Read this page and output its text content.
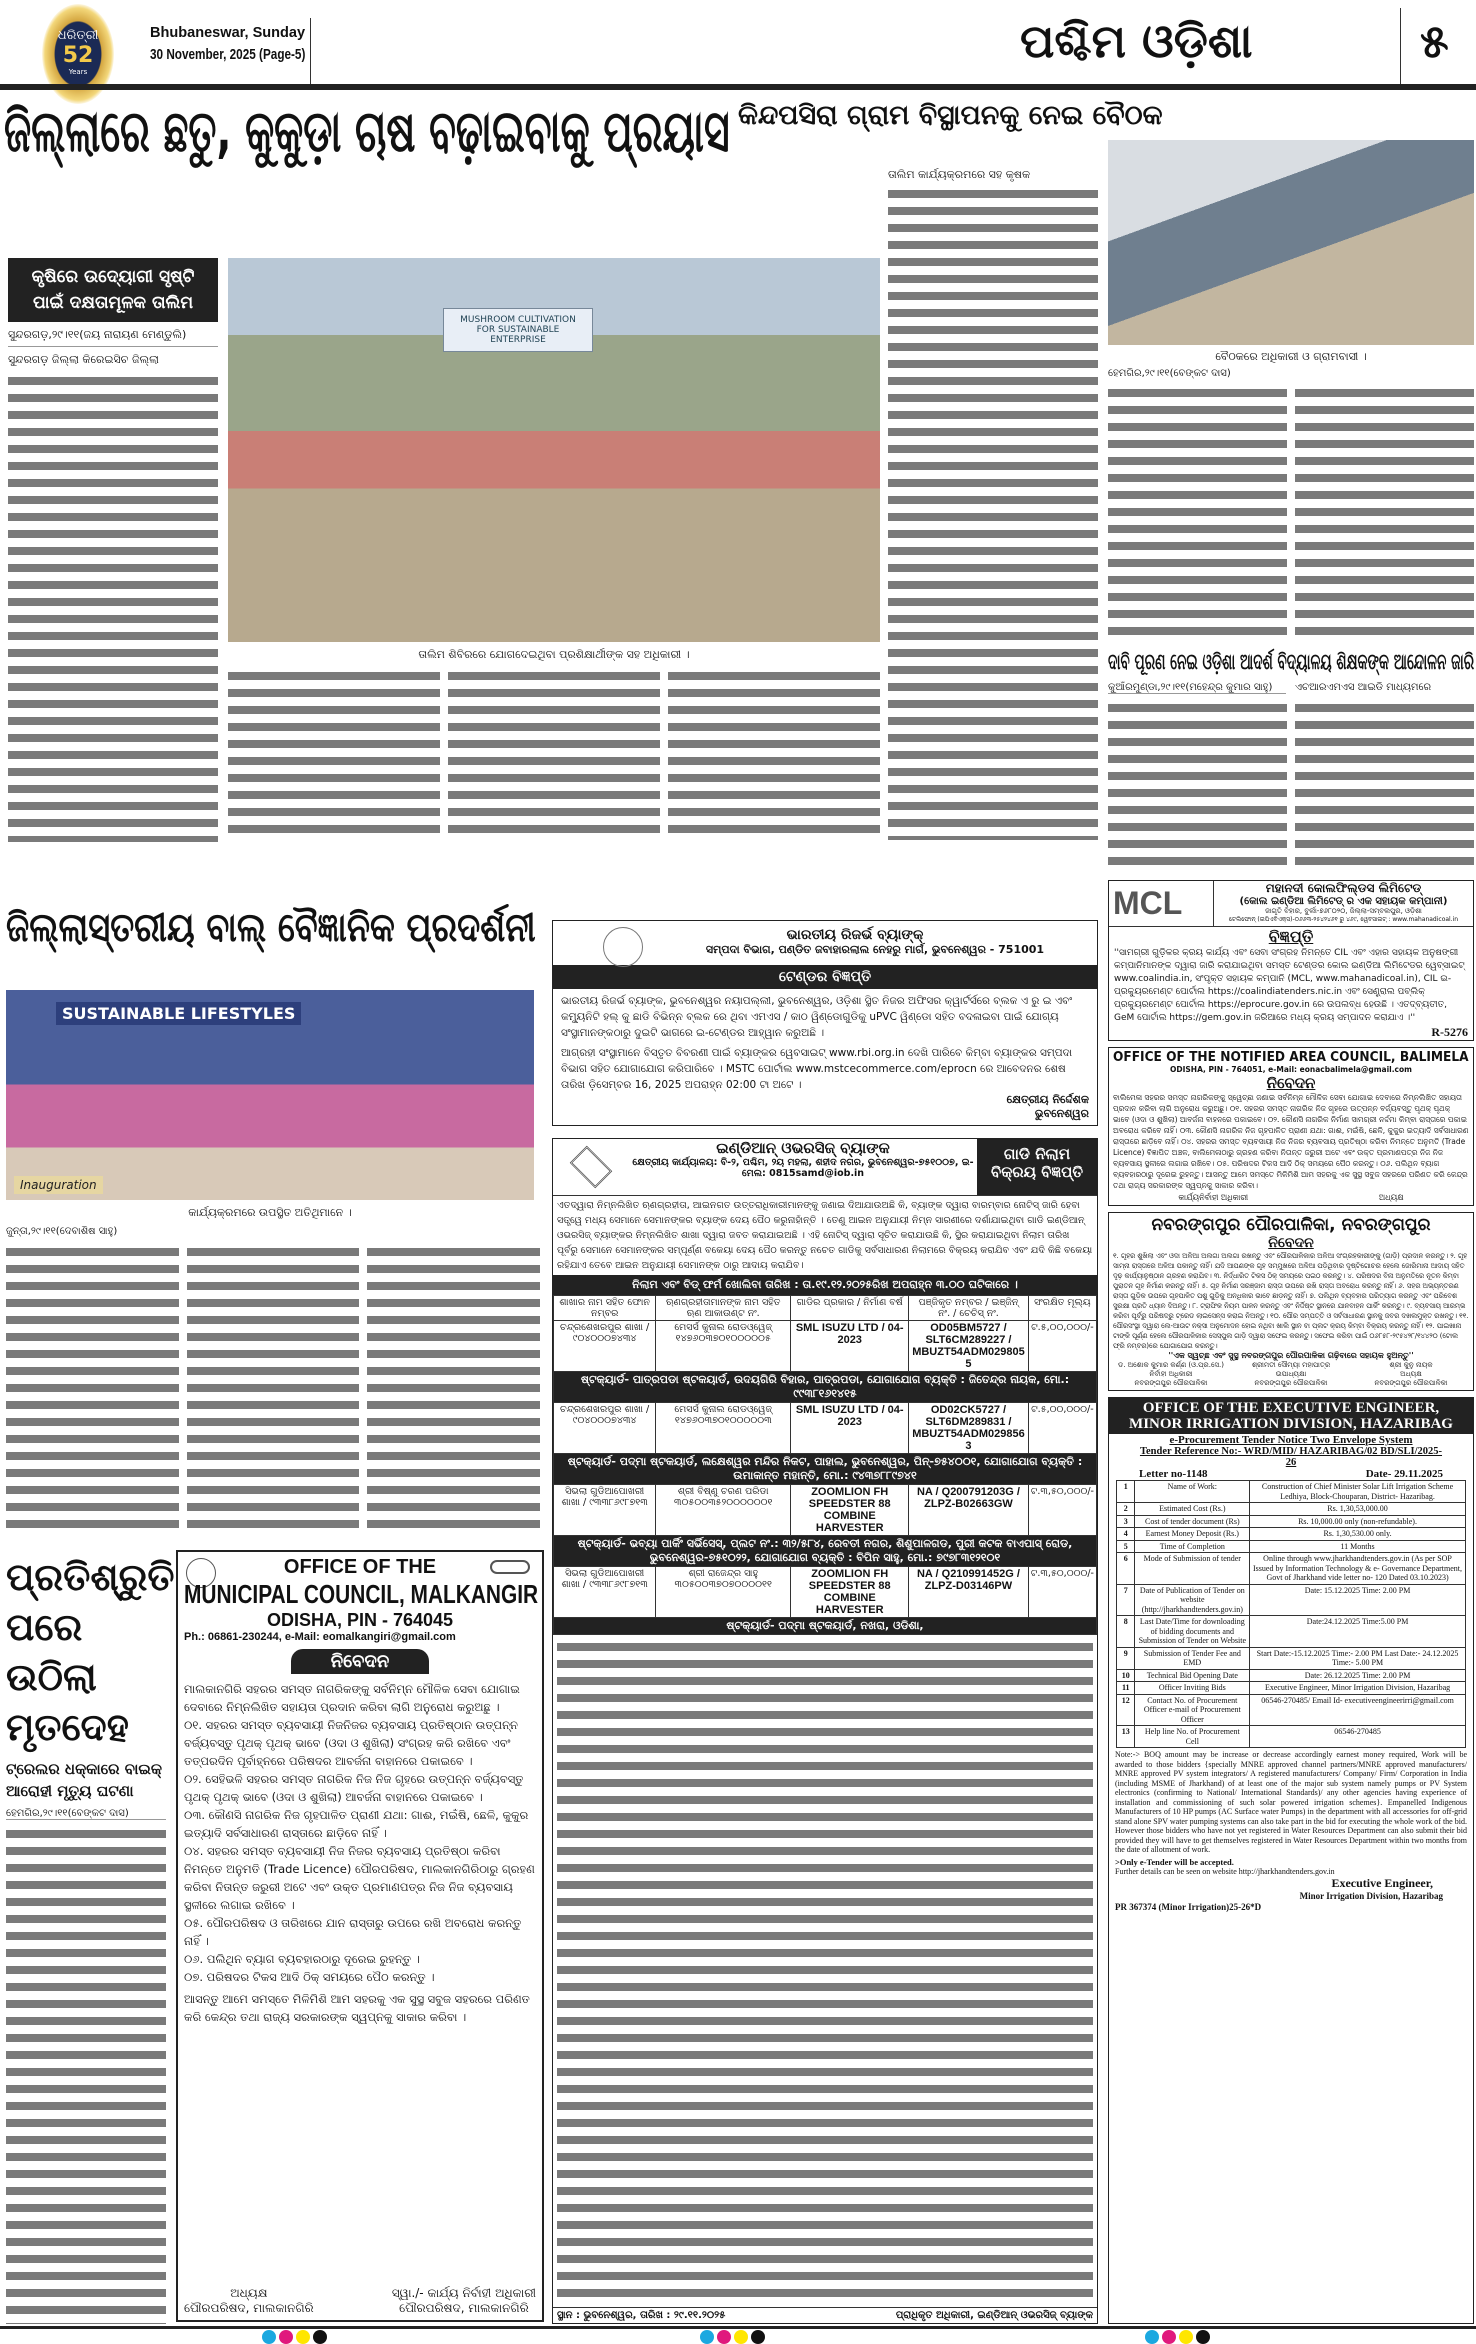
ଧରିତ୍ରୀ
52
Years
Bhubaneswar, Sunday
30 November, 2025 (Page-5)	ପଶ୍ଚିମ ଓଡ଼ିଶା	୫
ଜିଲ୍ଲାରେ ଛତୁ, କୁକୁଡ଼ା ଚାଷ ବଢ଼ାଇବାକୁ ପ୍ରୟାସ
କୃଷିରେ ଉଦ୍ୟୋଗୀ ସୃଷ୍ଟି ପାଇଁ ଦକ୍ଷତାମୂଳକ ତାଲିମ
ସୁନ୍ଦରଗଡ଼,୨୯।୧୧(ଜୟ ନାରାୟଣ ମେଣ୍ଡୁଲି)
ସୁନ୍ଦରଗଡ଼ ଜିଲ୍ଲା କିରେଇସିଚ ଜିଲ୍ଲା
MUSHROOM CULTIVATION FOR SUSTAINABLE ENTERPRISE
ତାଲିମ ଶିବିରରେ ଯୋଗଦେଇଥିବା ପ୍ରଶିକ୍ଷାର୍ଥୀଙ୍କ ସହ ଅଧିକାରୀ ।
ତାଲିମ କାର୍ଯ୍ୟକ୍ରମରେ ସହ କୃଷକ
କିନ୍ଦପସିରା ଗ୍ରାମ ବିସ୍ଥାପନକୁ ନେଇ ବୈଠକ
ବୈଠକରେ ଅଧିକାରୀ ଓ ଗ୍ରାମବାସୀ ।
ହେମଗିର,୨୯।୧୧(ବେଙ୍କଟ ଦାସ)
ଦାବି ପୂରଣ ନେଇ ଓଡ଼ିଶା ଆଦର୍ଶ ବିଦ୍ୟାଳୟ ଶିକ୍ଷକଙ୍କ ଆନ୍ଦୋଳନ ଜାରି
କୁଆଁରମୁଣ୍ଡା,୨୯।୧୧(ମହେନ୍ଦ୍ର କୁମାର ସାହୁ)	ଏଚଆରଏମଏସ ଆଇଡି ମାଧ୍ୟମରେ
ଜିଲ୍ଲାସ୍ତରୀୟ ବାଲ୍ ବୈଜ୍ଞାନିକ ପ୍ରଦର୍ଶନୀ
SUSTAINABLE LIFESTYLES
Inauguration
କାର୍ଯ୍ୟକ୍ରମରେ ଉପସ୍ଥିତ ଅତିଥିମାନେ ।
ଜୁନ୍ତା,୨୯।୧୧(ଦେବାଶିଷ ସାହୁ)
ପ୍ରତିଶ୍ରୁତି ପରେ ଉଠିଲା ମୃତଦେହ
ଟ୍ରେଲର ଧକ୍କାରେ ବାଇକ୍ ଆରୋହୀ ମୃତ୍ୟୁ ଘଟଣା
ହେମଗିର,୨୯।୧୧(ବେଙ୍କଟ ଦାସ)
OFFICE OF THE
MUNICIPAL COUNCIL, MALKANGIR
ODISHA, PIN - 764045
Ph.: 06861-230244, e-Mail: eomalkangiri@gmail.com
ନିବେଦନ
ମାଲକାନଗିରି ସହରର ସମସ୍ତ ନାଗରିକଙ୍କୁ ସର୍ବନିମ୍ନ ମୌଳିକ ସେବା ଯୋଗାଇ ଦେବାରେ ନିମ୍ନଲିଖିତ ସହାୟତା ପ୍ରଦାନ କରିବା ଲାଗି ଅନୁରୋଧ କରୁଅଛୁ ।
୦୧. ସହରର ସମସ୍ତ ବ୍ୟବସାୟୀ ନିଜନିଜର ବ୍ୟବସାୟ ପ୍ରତିଷ୍ଠାନ ଉତ୍ପନ୍ନ ବର୍ଜ୍ୟବସ୍ତୁ ପୃଥକ୍ ପୃଥକ୍ ଭାବେ (ଓଦା ଓ ଶୁଖିଲା) ସଂଗ୍ରହ କରି ରଖିବେ ଏବଂ ତତ୍‌ପରଦିନ ପୂର୍ବାହ୍ନରେ ପରିଷଦର ଆବର୍ଜନା ବାହାନରେ ପକାଇବେ ।
୦୨. ସେହିଭଳି ସହରର ସମସ୍ତ ନାଗରିକ ନିଜ ନିଜ ଗୃହରେ ଉତ୍ପନ୍ନ ବର୍ଜ୍ୟବସ୍ତୁ ପୃଥକ୍ ପୃଥକ୍ ଭାବେ (ଓଦା ଓ ଶୁଖିଲା) ଆବର୍ଜନା ବାହାନରେ ପକାଇବେ ।
୦୩. କୌଣସି ନାଗରିକ ନିଜ ଗୃହପାଳିତ ପ୍ରାଣୀ ଯଥା: ଗାଈ, ମଇଁଷି, ଛେଳି, କୁକୁର ଇତ୍ୟାଦି ସର୍ବସାଧାରଣ ରାସ୍ତାରେ ଛାଡ଼ିବେ ନାହିଁ ।
୦୪. ସହରର ସମସ୍ତ ବ୍ୟବସାୟୀ ନିଜ ନିଜର ବ୍ୟବସାୟ ପ୍ରତିଷ୍ଠା କରିବା ନିମନ୍ତେ ଅନୁମତି (Trade Licence) ପୌରପରିଷଦ, ମାଲକାନଗିରିଠାରୁ ଗ୍ରହଣ କରିବା ନିତାନ୍ତ ଜରୁରୀ ଅଟେ ଏବଂ ଉକ୍ତ ପ୍ରମାଣପତ୍ର ନିଜ ନିଜ ବ୍ୟବସାୟ ସ୍ଥଳୀରେ ଲଗାଇ ରଖିବେ ।
୦୫. ପୌରପରିଷଦ ଓ ତାରିଖରେ ଯାନ ରାସ୍ତାରୁ ଉପରେ ରଖି ଅବରୋଧ କରନ୍ତୁ ନାହିଁ ।
୦୬. ପଲିଥିନ ବ୍ୟାଗ ବ୍ୟବହାରଠାରୁ ଦୂରେଇ ରୁହନ୍ତୁ ।
୦୭. ପରିଷଦର ଟିକସ ଆଦି ଠିକ୍ ସମୟରେ ପୈଠ କରନ୍ତୁ ।
ଆସନ୍ତୁ ଆମେ ସମସ୍ତେ ମିଳିମିଶି ଆମ ସହରକୁ ଏକ ସୁସ୍ଥ ସବୁଜ ସହରରେ ପରିଣତ କରି କେନ୍ଦ୍ର ତଥା ରାଜ୍ୟ ସରକାରଙ୍କ ସ୍ୱପ୍ନକୁ ସାକାର କରିବା ।
ଅଧ୍ୟକ୍ଷ
ପୌରପରିଷଦ, ମାଲକାନଗିରି
ସ୍ୱା./- କାର୍ଯ୍ୟ ନିର୍ବାହୀ ଅଧିକାରୀ
ପୌରପରିଷଦ, ମାଲକାନଗିରି
ଭାରତୀୟ ରିଜର୍ଭ ବ୍ୟାଙ୍କ୍
ସମ୍ପଦା ବିଭାଗ, ପଣ୍ଡିତ ଜବାହାରଲାଲ ନେହରୁ ମାର୍ଗ, ଭୁବନେଶ୍ୱର - 751001
ଟେଣ୍ଡର ବିଜ୍ଞପ୍ତି
ଭାରତୀୟ ରିଜର୍ଭ ବ୍ୟାଙ୍କ, ଭୁବନେଶ୍ୱର ନୟାପଲ୍ଲୀ, ଭୁବନେଶ୍ୱର, ଓଡ଼ିଶା ସ୍ଥିତ ନିଜର ଅଫିସର କ୍ୱାର୍ଟର୍ସରେ ବ୍ଲକ ଏ ରୁ ଇ ଏବଂ କମ୍ୟୁନିଟି ହଲ୍ କୁ ଛାଡି ବିଭିନ୍ନ ବ୍ଲକ ରେ ଥିବା ଏମଏସ / କାଠ ୱିଣ୍ଡୋଗୁଡିକୁ uPVC ୱିଣ୍ଡୋ ସହିତ ବଦଳାଇବା ପାଇଁ ଯୋଗ୍ୟ ସଂସ୍ଥାମାନଙ୍କଠାରୁ ଦୁଇଟି ଭାଗରେ ଇ-ଟେଣ୍ଡର ଆହ୍ୱାନ କରୁଅଛି ।
ଆଗ୍ରହୀ ସଂସ୍ଥାମାନେ ବିସ୍ତୃତ ବିବରଣୀ ପାଇଁ ବ୍ୟାଙ୍କର ୱେବସାଇଟ୍ www.rbi.org.in ଦେଖି ପାରିବେ କିମ୍ବା ବ୍ୟାଙ୍କର ସମ୍ପଦା ବିଭାଗ ସହିତ ଯୋଗାଯୋଗ କରିପାରିବେ । MSTC ପୋର୍ଟାଲ www.mstcecommerce.com/eprocn ରେ ଆବେଦନର ଶେଷ ତାରିଖ ଡ଼ିସେମ୍ବର 16, 2025 ଅପରାହ୍ନ 02:00 ଟା ଅଟେ ।
କ୍ଷେତ୍ରୀୟ ନିର୍ଦ୍ଦେଶକ
ଭୁବନେଶ୍ୱର
ଇଣ୍ଡିଆନ୍ ଓଭରସିଜ୍ ବ୍ୟାଙ୍କ
କ୍ଷେତ୍ରୀୟ କାର୍ଯ୍ୟାଳୟ: ବି-୨, ପଶ୍ଚିମ, ୨ୟ ମହଲା, ଶହୀଦ ନଗର, ଭୁବନେଶ୍ୱର-୭୫୧୦୦୭, ଇ-ମେଲ: 0815samd@iob.in
ଗାଡି ନିଲାମ ବିକ୍ରୟ ବିଜ୍ଞପ୍ତି
ଏତଦ୍ୱାରା ନିମ୍ନଲିଖିତ ଋଣଗ୍ରହୀତା, ଆଇନଗତ ଉତ୍ତରାଧିକାରୀମାନଙ୍କୁ ଜଣାଇ ଦିଆଯାଉଅଛି କି, ବ୍ୟାଙ୍କ ଦ୍ୱାରା ବାରମ୍ବାର ନୋଟିସ୍ ଜାରି ହେବା ସତ୍ତ୍ୱେ ମଧ୍ୟ ସେମାନେ ସେମାନଙ୍କର ବ୍ୟାଙ୍କ ଦେୟ ପୈଠ କରୁନାହାଁନ୍ତି । ତେଣୁ ଆଇନ ଅନୁଯାୟୀ ନିମ୍ନ ସାରଣୀରେ ଦର୍ଶାଯାଇଥିବା ଗାଡି ଇଣ୍ଡିଆନ୍ ଓଭରସିଜ୍ ବ୍ୟାଙ୍କର ନିମ୍ନଲିଖିତ ଶାଖା ଦ୍ୱାରା ଜବତ କରାଯାଇଅଛି । ଏହି ନୋଟିସ୍ ଦ୍ୱାରା ସୂଚିତ କରାଯାଉଛି କି, ସ୍ଥିର କରାଯାଇଥିବା ନିଲାମ ତାରିଖ ପୂର୍ବରୁ ସେମାନେ ସେମାନଙ୍କର ସମ୍ପୂର୍ଣ୍ଣ ବକେୟା ଦେୟ ପୈଠ କରନ୍ତୁ ନଚେତ ଗାଡିକୁ ସର୍ବସାଧାରଣ ନିଲାମରେ ବିକ୍ରୟ କରାଯିବ ଏବଂ ଯଦି କିଛି ବକେୟା ରହିଯାଏ ତେବେ ଆଇନ ଅନୁଯାୟୀ ସେମାନଙ୍କ ଠାରୁ ଆଦାୟ କରାଯିବ।
ନିଲାମ ଏବଂ ବିଡ୍ ଫର୍ମ ଖୋଲିବା ତାରିଖ : ତା.୧୯.୧୨.୨୦୨୫ରିଖ ଅପରାହ୍ନ ୩.୦୦ ଘଟିକାରେ ।
ଶାଖାର ନାମ ସହିତ ଫୋନ ନମ୍ବର	ଋଣଗ୍ରହୀତାମାନଙ୍କ ନାମ ସହିତ ଋଣ ଆକାଉଣ୍ଟ ନଂ.	ଗାଡିର ପ୍ରକାର / ନିର୍ମାଣ ବର୍ଷ	ପଞ୍ଜିକୃତ ନମ୍ବର / ଇଞ୍ଜିନ୍ ନଂ. / ଚେଚିସ୍ ନଂ.	ସଂରକ୍ଷିତ ମୂଲ୍ୟ
ଚନ୍ଦ୍ରଶେଖରପୁର ଶାଖା / ୯୦୪୦୦୦୭୪୩୪	ମେସର୍ସ କୁନାଲ ରୋଡଓ୍ୱେଜ୍ ୧୪୭୬୦୩୭୦୧୦୦୦୦୦୫	SML ISUZU LTD / 04-2023	OD05BM5727 / SLT6CM289227 / MBUZT54ADM0298055	ଟ.୫,୦୦,୦୦୦/-
ଷ୍ଟକ୍ୟାର୍ଡ- ପାତ୍ରପଡା ଷ୍ଟକୟାର୍ଡ, ଉଦୟଗିରି ବିହାର, ପାତ୍ରପଡା, ଯୋଗାଯୋଗ ବ୍ୟକ୍ତି : ଜିତେନ୍ଦ୍ର ନାୟକ, ମୋ.: ୯୯୩୮୧୬୧୪୧୫				
ଚନ୍ଦ୍ରଶେଖରପୁର ଶାଖା / ୯୦୪୦୦୦୭୪୩୪	ମେସର୍ସ କୁନାଲ ରୋଡଓ୍ୱେଜ୍ ୧୪୭୬୦୩୭୦୧୦୦୦୦୦୩	SML ISUZU LTD / 04-2023	OD02CK5727 / SLT6DM289831 / MBUZT54ADM0298563	ଟ.୫,୦୦,୦୦୦/-
ଷ୍ଟକ୍ୟାର୍ଡ- ପଦ୍ମା ଷ୍ଟକୟାର୍ଡ, ଲକ୍ଷେଶ୍ୱର ମନ୍ଦିର ନିକଟ, ପାହାଲ, ଭୁବନେଶ୍ୱର, ପିନ୍-୭୫୪୦୦୧, ଯୋଗାଯୋଗ ବ୍ୟକ୍ତି : ଉମାକାନ୍ତ ମହାନ୍ତି, ମୋ.: ୯୪୩୭୮୮୯୭୪୧				
ସିଭଲା ଗୁଡିଆପୋଖରୀ ଶାଖା / ୯୩୩୮୬୯୮୭୧୩	ଶ୍ରୀ ବିଷ୍ଣୁ ଚରଣ ପରିଡା ୩୦୫୦୦୩୫୨୦୦୦୦୦୦୧	ZOOMLION FH SPEEDSTER 88 COMBINE HARVESTER	NA / Q200791203G / ZLPZ-B02663GW	ଟ.୩,୫୦,୦୦୦/-
ଷ୍ଟକ୍ୟାର୍ଡ- ଭବ୍ୟା ପାର୍କିଂ ସର୍ଭିସେସ୍, ପ୍ଲଟ ନଂ.: ୩୨/୫୮୪, ରେବତୀ ନଗର, ଶିଶୁପାଳଗଡ, ପୁରୀ କଟକ ବାଏପାସ୍ ରୋଡ, ଭୁବନେଶ୍ୱର-୭୫୧୦୨୨, ଯୋଗାଯୋଗ ବ୍ୟକ୍ତି : ବିପିନ ସାହୁ, ମୋ.: ୭୯୭୮୩୧୨୧୦୧				
ସିଭଲା ଗୁଡିଆପୋଖରୀ ଶାଖା / ୯୩୩୮୬୯୮୭୧୩	ଶ୍ରୀ ରାଜେନ୍ଦ୍ର ସାହୁ ୩୦୫୦୦୩୭୦୭୦୦୦୦୧୧	ZOOMLION FH SPEEDSTER 88 COMBINE HARVESTER	NA / Q210991452G / ZLPZ-D03146PW	ଟ.୩,୫୦,୦୦୦/-
ଷ୍ଟକ୍ୟାର୍ଡ- ପଦ୍ମା ଷ୍ଟକୟାର୍ଡ, ନଖରା, ଓଡିଶା,				
ସ୍ଥାନ : ଭୁବନେଶ୍ୱର, ତାରିଖ : ୨୯.୧୧.୨୦୨୫	ପ୍ରାଧିକୃତ ଅଧିକାରୀ, ଇଣ୍ଡିଆନ୍ ଓଭରସିଜ୍ ବ୍ୟାଙ୍କ
MCL	ମହାନଦୀ କୋଲଫିଲ୍ଡସ ଲିମିଟେଡ୍
(କୋଲ ଇଣ୍ଡିଆ ଲିମିଟେଡ୍ ର ଏକ ସହାୟକ କମ୍ପାନୀ)
ଜାଗୃତି ବିହାର, ବୁର୍ଲା-୭୬୮୦୨୦, ଜିଲ୍ଲା-ସମ୍ବଲପୁର, ଓଡ଼ିଶା
ଟେଲିଫୋନ୍ (ଇପିଏବିଏକ୍ସ)-୦୬୬୩-୨୫୪୨୪୬୧ ରୁ ୪୬୯, ୱେବସାଇଟ୍ : www.mahanadicoal.in
ବିଜ୍ଞପ୍ତି
''ସାମଗ୍ରୀ ଗୁଡ଼ିକର କ୍ରୟ କାର୍ଯ୍ୟ ଏବଂ ସେବା ସଂଗ୍ରହ ନିମନ୍ତେ CIL ଏବଂ ଏହାର ସହାୟକ ଅନୁଷଙ୍ଗୀ କମ୍ପାନିମାନଙ୍କ ଦ୍ୱାରା ଜାରି କରାଯାଇଥିବା ସମସ୍ତ ଟେଣ୍ଡର କୋଲ ଇଣ୍ଡିଆ ଲିମିଟେଡର ୱେବ୍‌ସାଇଟ୍ www.coalindia.in, ସଂପୃକ୍ତ ସହାୟକ କମ୍ପାନି (MCL, www.mahanadicoal.in), CIL ଇ-ପ୍ରକ୍ୟୁରମେଣ୍ଟ ପୋର୍ଟାଲ https://coalindiatenders.nic.in ଏବଂ ସେଣ୍ଟ୍ରାଲ ପବ୍ଲିକ୍ ପ୍ରକ୍ୟୁରମେଣ୍ଟ ପୋର୍ଟାଲ https://eprocure.gov.in ରେ ଉପଲବ୍ଧ ହେଉଛି । ଏତଦ୍‌ବ୍ୟତୀତ, GeM ପୋର୍ଟାଲ https://gem.gov.in ଜରିଆରେ ମଧ୍ୟ କ୍ରୟ ସମ୍ପାଦନ କରାଯାଏ ।''
R-5276
OFFICE OF THE NOTIFIED AREA COUNCIL, BALIMELA
ODISHA, PIN - 764051, e-Mail: eonacbalimela@gmail.com
ନିବେଦନ
ବାଲିମେଳା ସହରର ସମସ୍ତ ନାଗରିକଙ୍କୁ ସ୍ୱେଚ୍ଛା ଜଣାଇ ସର୍ବନିମ୍ନ ମୌଳିକ ସେବା ଯୋଗାଇ ଦେବାରେ ନିମ୍ନଲିଖିତ ସହାୟତା ପ୍ରଦାନ କରିବା ଲାଗି ଅନୁରୋଧ କରୁଅଛୁ। ୦୧. ସହରର ସମସ୍ତ ନାଗରିକ ନିଜ ଗୃହରେ ଉତ୍ପନ୍ନ ବର୍ଜ୍ୟବସ୍ତୁ ପୃଥକ୍ ପୃଥକ୍ ଭାବେ (ଓଦା ଓ ଶୁଖିଲା) ଆବର୍ଜନା ବାହନରେ ପକାଇବେ। ୦୨. କୌଣସି ନାଗରିକ ନିର୍ମାଣ ସାମଗ୍ରୀ ନର୍ଦ୍ଦମା କିମ୍ବା ରାସ୍ତାରେ ପକାଇ ଅବରୋଧ କରିବେ ନାହିଁ। ୦୩. କୌଣସି ନାଗରିକ ନିଜ ଗୃହପାଳିତ ପ୍ରାଣୀ ଯଥା: ଗାଈ, ମଇଁଷି, ଛେଳି, କୁକୁର ଇତ୍ୟାଦି ସର୍ବସାଧାରଣ ରାସ୍ତାରେ ଛାଡ଼ିବେ ନାହିଁ। ୦୪. ସହରର ସମସ୍ତ ବ୍ୟବସାୟୀ ନିଜ ନିଜର ବ୍ୟବସାୟ ପ୍ରତିଷ୍ଠା କରିବା ନିମନ୍ତେ ଅନୁମତି (Trade Licence) ବିଜ୍ଞାପିତ ଅଞ୍ଚଳ, ବାଲିମେଳାଠାରୁ ଗ୍ରହଣ କରିବା ନିତାନ୍ତ ଜରୁରୀ ଅଟେ ଏବଂ ଉକ୍ତ ପ୍ରମାଣପତ୍ର ନିଜ ନିଜ ବ୍ୟବସାୟ ସ୍ଥଳୀରେ ଲଗାଇ ରଖିବେ। ୦୫. ପରିଷଦର ଟିକସ ଆଦି ଠିକ୍ ସମୟରେ ପୈଠ କରନ୍ତୁ। ୦୬. ପଲିଥିନ ବ୍ୟାଗ ବ୍ୟବହାରଠାରୁ ଦୂରେଇ ରୁହନ୍ତୁ। ଆସନ୍ତୁ ଆମେ ସମସ୍ତେ ମିଳିମିଶି ଆମ ସହରକୁ ଏକ ସୁସ୍ଥ ସବୁଜ ସହରରେ ପରିଣତ କରି କେନ୍ଦ୍ର ତଥା ରାଜ୍ୟ ସରକାରଙ୍କ ସ୍ୱପ୍ନକୁ ସାକାର କରିବା।
କାର୍ଯ୍ୟନିର୍ବାହୀ ଅଧିକାରୀ	ଅଧ୍ୟକ୍ଷ
ନବରଙ୍ଗପୁର ପୌରପାଳିକା, ନବରଙ୍ଗପୁର
ନିବେଦନ
୧. ଗୃହର ଶୁଖିଲା ଏବଂ ଓଦା ଅଳିଆ ଅଲଗା ଅଲଗା ରଖନ୍ତୁ ଏବଂ ପୌରପାଳିକାର ଅଳିଆ ସଂଗ୍ରହକାରୀଙ୍କୁ (ଗାଡ଼ି) ପ୍ରଦାନ କରନ୍ତୁ। ୨. ଗୃହ ସାମ୍ନା ରାସ୍ତାରେ ଅଳିଆ ପକାନ୍ତୁ ନାହିଁ। ଯଦି ଆପଣଙ୍କ ଗୃହ ସମ୍ମୁଖରେ ଅଳିଆ ପଡ଼ିଥିବାର ଦୃଷ୍ଟିଗୋଚର ହେଲେ ଜୋରିମାନା ଆଦାୟ ସହିତ ଦୃଢ଼ କାର୍ଯ୍ୟାନୁଷ୍ଠାନ ଗ୍ରହଣ କରାଯିବ। ୩. ନିର୍ଦ୍ଧାରିତ ଟିକସ ଠିକ୍ ସମୟରେ ପଇଠ କରନ୍ତୁ। ୪. ପରିଷଦର ବିନା ଅନୁମତିରେ ନୂତନ କିମ୍ବା ପୁରାତନ ଗୃହ ନିର୍ମାଣ କରନ୍ତୁ ନାହିଁ। ୫. ଗୃହ ନିର୍ମାଣ ସରଞ୍ଜାମ ରାସ୍ତା ଉପରେ ରଖି ରାସ୍ତା ଅବରୋଧ କରନ୍ତୁ ନାହିଁ। ୬. ସହର ଅଭ୍ୟନ୍ତରଣ ରାସ୍ତା ଗୁଡ଼ିକ ଉପରେ ଗୃହପାଳିତ ପଶୁ ଗୁଡ଼ିକୁ ଅନଧିକାର ଭାବେ ଛାଡ଼ନ୍ତୁ ନାହିଁ। ୭. ପଲିଥିନ ବ୍ୟବହାର ପରିତ୍ୟାଗ କରନ୍ତୁ ଏବଂ ପରିବେଶ ସୁରକ୍ଷା ପ୍ରତି ଧ୍ୟାନ ଦିଅନ୍ତୁ। ୮. ଟ୍ରାଫିକ ନିୟମ ପାଳନ କରନ୍ତୁ ଏବଂ ନିର୍ଦ୍ଦିଷ୍ଟ ସ୍ଥାନରେ ଯାନବାହନ ପାର୍କିଂ କରନ୍ତୁ। ୯. ବ୍ୟବସାୟ ଆରମ୍ଭ କରିବା ପୂର୍ବରୁ ପରିଷଦରୁ ଟ୍ରେଡ ଲାଇସେନ୍ସ କରାଇ ନିଅନ୍ତୁ। ୧୦. ପୌର ସମ୍ପତ୍ତି ଓ ସର୍ବସାଧାରଣ ସ୍ଥାନକୁ ଜବର ଦଖଲମୁକ୍ତ ରଖନ୍ତୁ। ୧୧. ପୌରସଂସ୍ଥା ଦ୍ୱାରା ଲେ-ଆଉଟ ନକ୍ସା ଅନୁମୋଦନ ହୋଇ ନଥିବା ଖାଲି ସ୍ଥାନ ବା ପ୍ଲଟ କ୍ରୟ କିମ୍ବା ବିକ୍ରୟ କରନ୍ତୁ ନାହିଁ। ୧୨. ପାଇଖାନା ଟାଙ୍କି ପୂର୍ଣ୍ଣ ହେଲେ ପୌରପାଳିକାର ସେସ୍‌ପୁଲ ଗାଡ଼ି ଦ୍ୱାରା ସଫେଇ କରନ୍ତୁ। ସଫେଇ କରିବା ପାଇଁ ୦୬୮୫୮-୨୯୫୪୨୮/୧୪୪୨୦ (ଟୋଲ ଫ୍ରି ନମ୍ବର)ରେ ଯୋଗାଯୋଗ କରନ୍ତୁ।
''ଏକ ସ୍ୱଚ୍ଛ ଏବଂ ସୁସ୍ଥ ନବରଙ୍ଗପୁର ପୌରପାଳିକା ଗଢ଼ିବାରେ ସହାୟକ ହୁଅନ୍ତୁ''
ଡ. ଅଶୋକ କୁମାର କର୍ଣ୍ଣ (ଓ.ପ୍ର.ସେ.)
ନିର୍ବାହୀ ଅଧିକାରୀ
ନବରଙ୍ଗପୁର ପୌରପାଳିକା
ଶ୍ରୀମତୀ ସୌମ୍ୟା ମହାପାତ୍ର
ଉପାଧ୍ୟକ୍ଷା
ନବରଙ୍ଗପୁର ପୌରପାଳିକା
ଶ୍ରୀ କୁନୁ ନାୟକ
ଅଧ୍ୟକ୍ଷ
ନବରଙ୍ଗପୁର ପୌରପାଳିକା
OFFICE OF THE EXECUTIVE ENGINEER, MINOR IRRIGATION DIVISION, HAZARIBAG
e-Procurement Tender Notice Two Envelope System
Tender Reference No:- WRD/MID/ HAZARIBAG/02 BD/SLI/2025-26
Letter no-1148	Date- 29.11.2025
1	Name of Work:	Construction of Chief Minister Solar Lift Irrigation Scheme Ledhiya, Block-Chouparan, District- Hazaribag.
2	Estimated Cost (Rs.)	Rs. 1,30,53,000.00
3	Cost of tender document (Rs)	Rs. 10,000.00 only (non-refundable).
4	Earnest Money Deposit (Rs.)	Rs. 1,30,530.00 only.
5	Time of Completion	11 Months
6	Mode of Submission of tender	Online through www.jharkhandtenders.gov.in (As per SOP Issued by Information Technology & e- Governance Department, Govt of Jharkhand vide letter no- 120 Dated 03.10.2023)
7	Date of Publication of Tender on website (http://jharkhandtenders.gov.in)	Date: 15.12.2025 Time: 2.00 PM
8	Last Date/Time for downloading of bidding documents and Submission of Tender on Website	Date:24.12.2025 Time:5.00 PM
9	Submission of Tender Fee and EMD	Start Date:-15.12.2025 Time:- 2.00 PM Last Date:- 24.12.2025 Time:- 5.00 PM
10	Technical Bid Opening Date	Date: 26.12.2025 Time: 2.00 PM
11	Officer Inviting Bids	Executive Engineer, Minor Irrigation Division, Hazaribag
12	Contact No. of Procurement Officer e-mail of Procurement Officer	06546-270485/ Email Id- executiveengineerirri@gmail.com
13	Help line No. of Procurement Cell	06546-270485
Note:-> BOQ amount may be increase or decrease accordingly earnest money required, Work will be awarded to those bidders {specially MNRE approved channel partners/MNRE approved manufacturers/ MNRE approved PV system integrators/ A registered manufacturers/ Company/ Firm/ Corporation in India (including MSME of Jharkhand) of at least one of the major sub system namely pumps or PV System electronics (confirming to National/ International Standards)/ any other agencies having experience of installation and commissioning of such solar powered irrigation schemes}. Empanelled Indigenous Manufacturers of 10 HP pumps (AC Surface water Pumps) in the department with all accessories for off-grid stand alone SPV water pumping systems can also take part in the bid for executing the whole work of the bid. However those bidders who have not yet registered in Water Resources Department can also submit their bid provided they will have to get themselves registered in Water Resources Department within two months from the date of allotment of work.
>Only e-Tender will be accepted.
Further details can be seen on website http://jharkhandtenders.gov.in
Executive Engineer,
Minor Irrigation Division, Hazaribag
PR 367374 (Minor Irrigation)25-26*D
